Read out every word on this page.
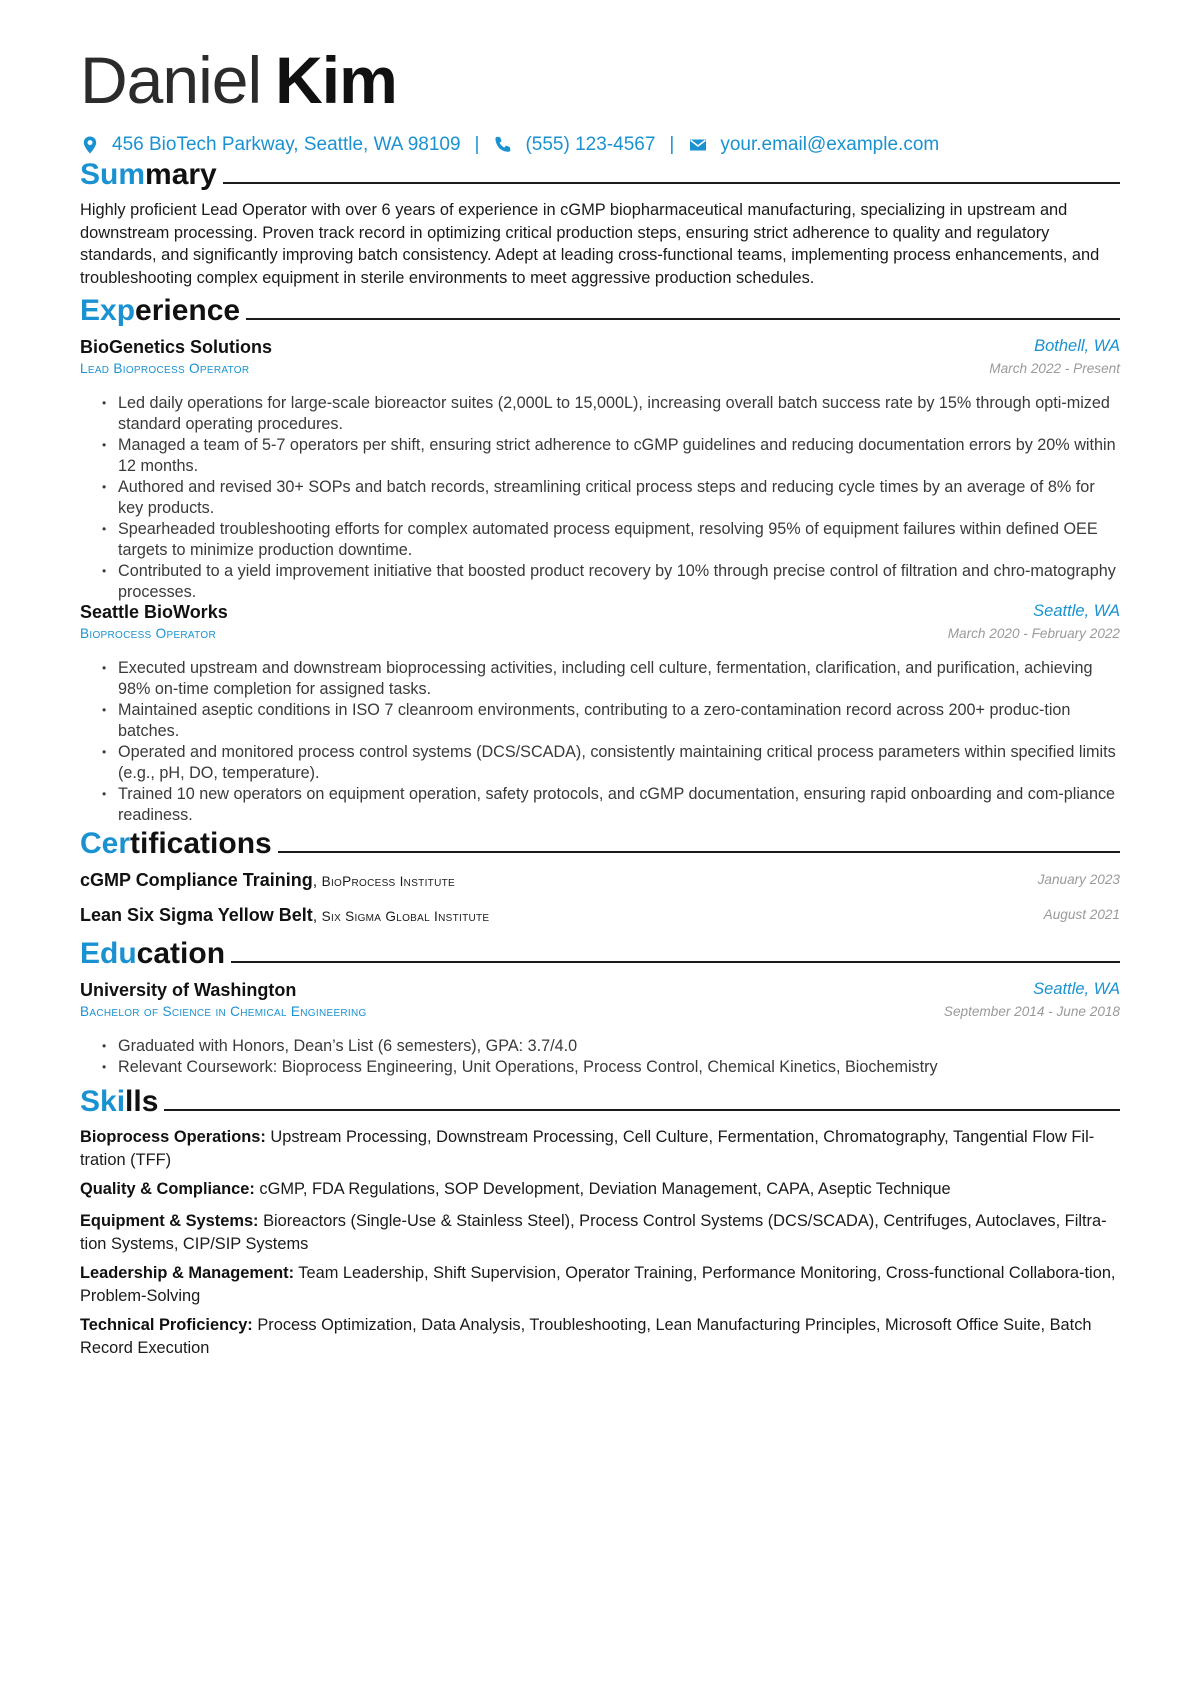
Daniel Kim
456 BioTech Parkway, Seattle, WA 98109 | (555) 123-4567 | your.email@example.com
Summary
Highly proficient Lead Operator with over 6 years of experience in cGMP biopharmaceutical manufacturing, specializing in upstream and downstream processing. Proven track record in optimizing critical production steps, ensuring strict adherence to quality and regulatory standards, and significantly improving batch consistency. Adept at leading cross-functional teams, implementing process enhancements, and troubleshooting complex equipment in sterile environments to meet aggressive production schedules.
Experience
BioGenetics Solutions	Bothell, WA
Lead Bioprocess Operator	March 2022 - Present
• Led daily operations for large-scale bioreactor suites (2,000L to 15,000L), increasing overall batch success rate by 15% through opti-mized standard operating procedures.
• Managed a team of 5-7 operators per shift, ensuring strict adherence to cGMP guidelines and reducing documentation errors by 20% within 12 months.
• Authored and revised 30+ SOPs and batch records, streamlining critical process steps and reducing cycle times by an average of 8% for key products.
• Spearheaded troubleshooting efforts for complex automated process equipment, resolving 95% of equipment failures within defined OEE targets to minimize production downtime.
• Contributed to a yield improvement initiative that boosted product recovery by 10% through precise control of filtration and chro-matography processes.
Seattle BioWorks	Seattle, WA
Bioprocess Operator	March 2020 - February 2022
• Executed upstream and downstream bioprocessing activities, including cell culture, fermentation, clarification, and purification, achieving 98% on-time completion for assigned tasks.
• Maintained aseptic conditions in ISO 7 cleanroom environments, contributing to a zero-contamination record across 200+ produc-tion batches.
• Operated and monitored process control systems (DCS/SCADA), consistently maintaining critical process parameters within specified limits (e.g., pH, DO, temperature).
• Trained 10 new operators on equipment operation, safety protocols, and cGMP documentation, ensuring rapid onboarding and com-pliance readiness.
Certifications
cGMP Compliance Training, BioProcess Institute	January 2023
Lean Six Sigma Yellow Belt, Six Sigma Global Institute	August 2021
Education
University of Washington	Seattle, WA
Bachelor of Science in Chemical Engineering	September 2014 - June 2018
• Graduated with Honors, Dean’s List (6 semesters), GPA: 3.7/4.0
• Relevant Coursework: Bioprocess Engineering, Unit Operations, Process Control, Chemical Kinetics, Biochemistry
Skills
Bioprocess Operations: Upstream Processing, Downstream Processing, Cell Culture, Fermentation, Chromatography, Tangential Flow Fil-tration (TFF)
Quality & Compliance: cGMP, FDA Regulations, SOP Development, Deviation Management, CAPA, Aseptic Technique
Equipment & Systems: Bioreactors (Single-Use & Stainless Steel), Process Control Systems (DCS/SCADA), Centrifuges, Autoclaves, Filtra-tion Systems, CIP/SIP Systems
Leadership & Management: Team Leadership, Shift Supervision, Operator Training, Performance Monitoring, Cross-functional Collabora-tion, Problem-Solving
Technical Proficiency: Process Optimization, Data Analysis, Troubleshooting, Lean Manufacturing Principles, Microsoft Office Suite, Batch Record Execution
